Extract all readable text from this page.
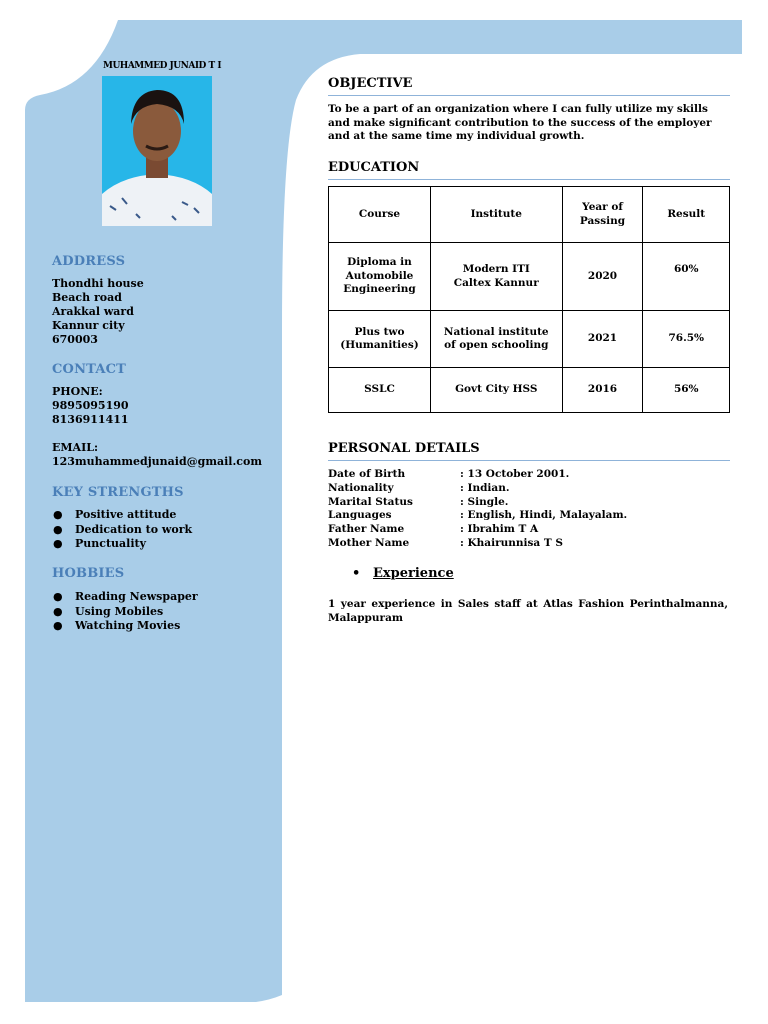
MUHAMMED JUNAID T I
ADDRESS
Thondhi house
Beach road
Arakkal ward
Kannur city
670003
CONTACT
PHONE:
9895095190
8136911411
EMAIL:
123muhammedjunaid@gmail.com
KEY STRENGTHS
● Positive attitude
● Dedication to work
● Punctuality
HOBBIES
● Reading Newspaper
● Using Mobiles
● Watching Movies
OBJECTIVE
To be a part of an organization where I can fully utilize my skills and make significant contribution to the success of the employer and at the same time my individual growth.
EDUCATION
Course	Institute	Year of Passing	Result
Diploma in Automobile Engineering	Modern ITI Caltex Kannur	2020	60%
Plus two (Humanities)	National institute of open schooling	2021	76.5%
SSLC	Govt City HSS	2016	56%
PERSONAL DETAILS
Date of Birth	: 13 October 2001.
Nationality	: Indian.
Marital Status	: Single.
Languages	: English, Hindi, Malayalam.
Father Name	: Ibrahim T A
Mother Name	: Khairunnisa T S
• Experience
1 year experience in Sales staff at Atlas Fashion Perinthalmanna, Malappuram
